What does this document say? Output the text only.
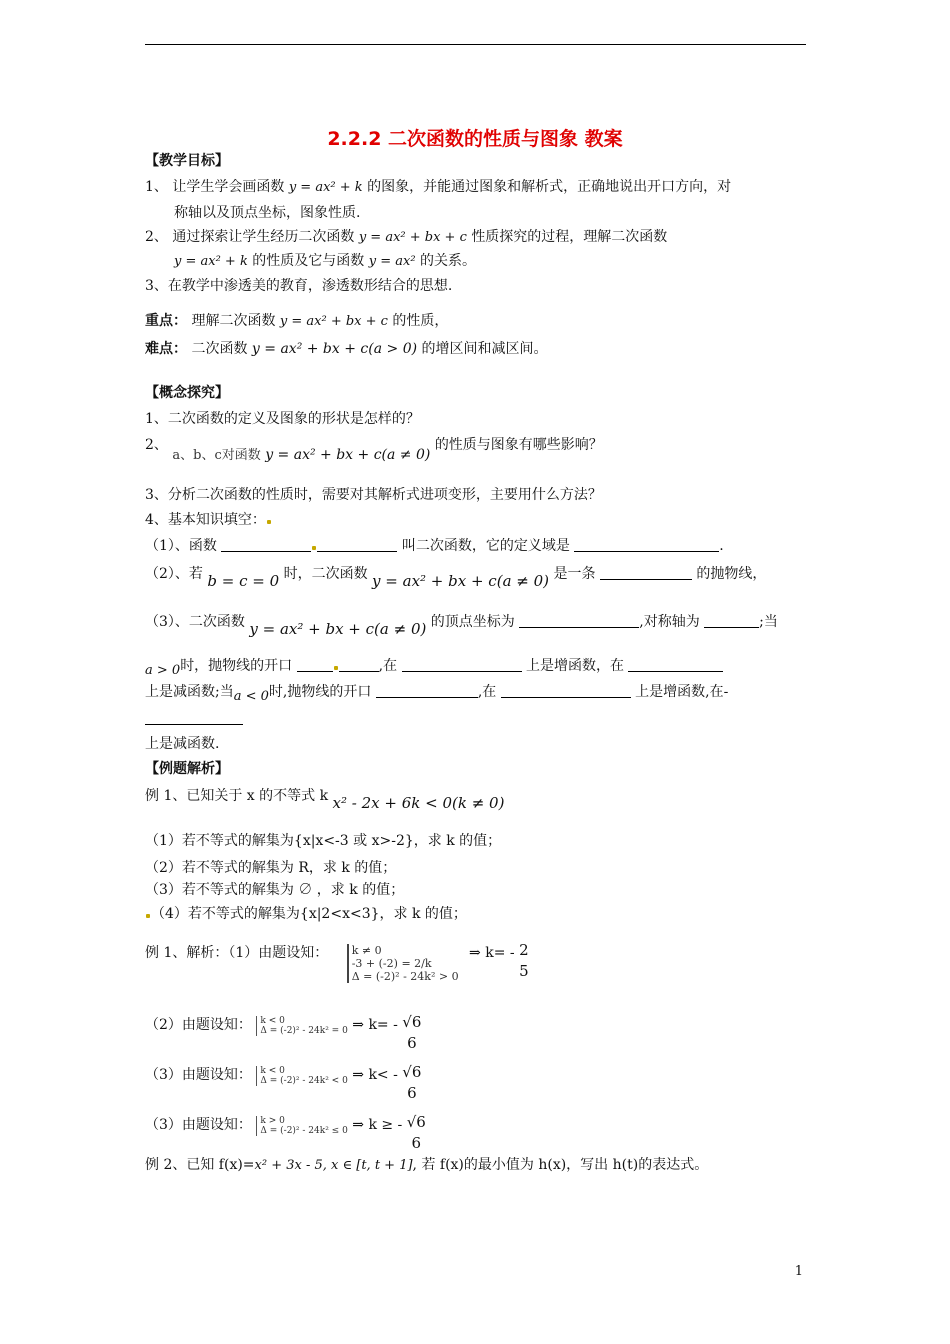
2.2.2 二次函数的性质与图象 教案
【教学目标】
1、 让学生学会画函数 y = ax² + k 的图象，并能通过图象和解析式，正确地说出开口方向，对
称轴以及顶点坐标，图象性质.
2、 通过探索让学生经历二次函数 y = ax² + bx + c 性质探究的过程，理解二次函数
y = ax² + k 的性质及它与函数 y = ax² 的关系。
3、在教学中渗透美的教育，渗透数形结合的思想.
重点： 理解二次函数 y = ax² + bx + c 的性质，
难点： 二次函数 y = ax² + bx + c(a > 0) 的增区间和减区间。
【概念探究】
1、二次函数的定义及图象的形状是怎样的？
2、 a、b、c对函数 y = ax² + bx + c(a ≠ 0) 的性质与图象有哪些影响？
3、分析二次函数的性质时，需要对其解析式进项变形，主要用什么方法？
4、基本知识填空：
（1）、函数	叫二次函数，它的定义域是	.
（2）、若 b = c = 0 时，二次函数 y = ax² + bx + c(a ≠ 0) 是一条	的抛物线，
（3）、二次函数 y = ax² + bx + c(a ≠ 0) 的顶点坐标为	,对称轴为	;当
a > 0时，抛物线的开口	,在	上是增函数，在
上是减函数;当a < 0时,抛物线的开口	,在	上是增函数,在-
上是减函数.
【例题解析】
例 1、已知关于 x 的不等式 k x² - 2x + 6k < 0(k ≠ 0)
（1）若不等式的解集为{x|x<-3 或 x>-2}，求 k 的值；
（2）若不等式的解集为 R，求 k 的值；
（3）若不等式的解集为 ∅ ，求 k 的值；
（4）若不等式的解集为{x|2<x<3}，求 k 的值；
例 1、解析：（1）由题设知： k ≠ 0
-3 + (-2) = 2/k
Δ = (-2)² - 24k² > 0
⇒ $k= - \frac{2}{5}$
（2）由题设知： k < 0
Δ = (-2)² - 24k² = 0 ⇒ $k= - \frac{√6}{6}$
（3）由题设知： k < 0
Δ = (-2)² - 24k² < 0 ⇒ $k< - \frac{√6}{6}$
（3）由题设知： k > 0
Δ = (-2)² - 24k² ≤ 0 ⇒ k ≥ - $\frac{√6}{6}$
例 2、已知 f(x)=x² + 3x - 5, x ∈ [t, t + 1], 若 f(x)的最小值为 h(x)，写出 h(t)的表达式。
1
